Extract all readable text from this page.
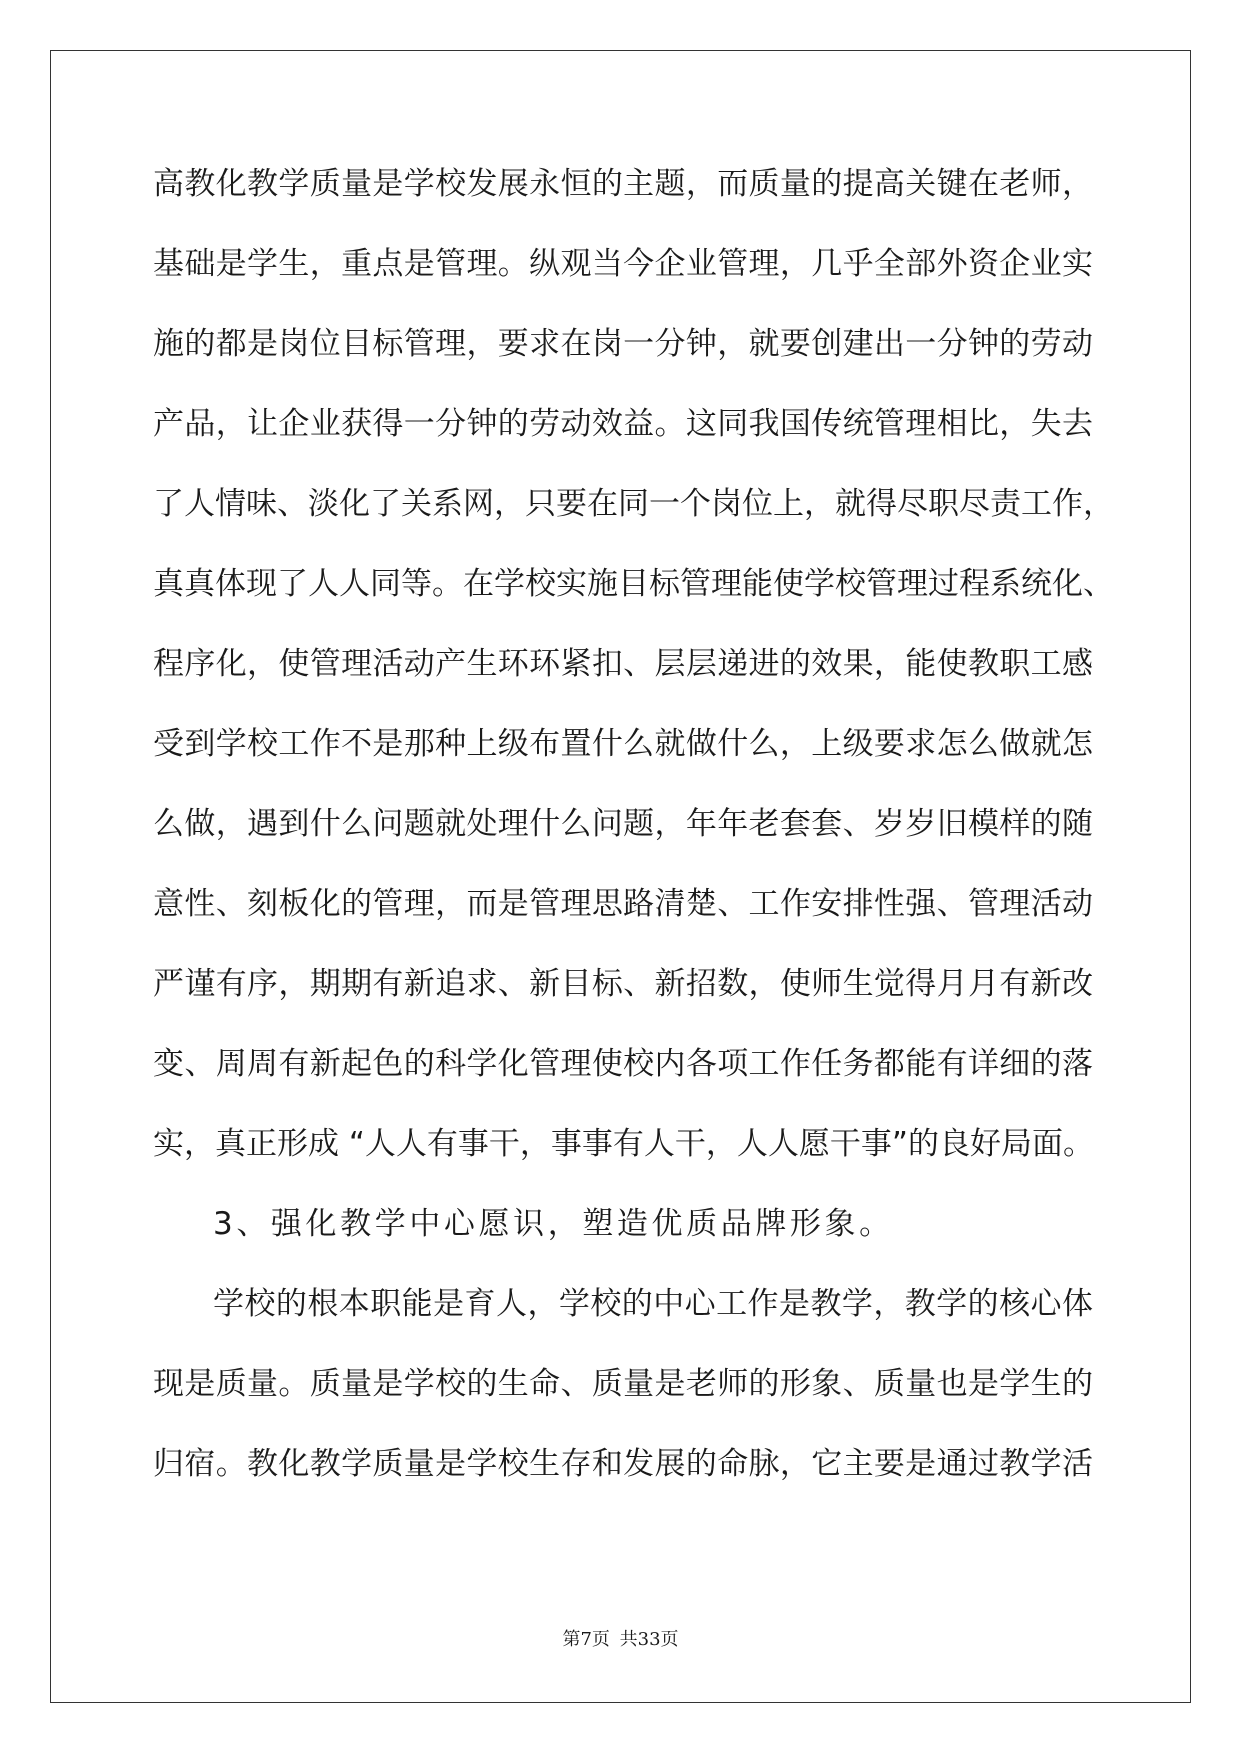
高教化教学质量是学校发展永恒的主题，而质量的提高关键在老师，
基础是学生，重点是管理。纵观当今企业管理，几乎全部外资企业实
施的都是岗位目标管理，要求在岗一分钟，就要创建出一分钟的劳动
产品，让企业获得一分钟的劳动效益。这同我国传统管理相比，失去
了人情味、淡化了关系网，只要在同一个岗位上，就得尽职尽责工作，
真真体现了人人同等。在学校实施目标管理能使学校管理过程系统化、
程序化，使管理活动产生环环紧扣、层层递进的效果，能使教职工感
受到学校工作不是那种上级布置什么就做什么，上级要求怎么做就怎
么做，遇到什么问题就处理什么问题，年年老套套、岁岁旧模样的随
意性、刻板化的管理，而是管理思路清楚、工作安排性强、管理活动
严谨有序，期期有新追求、新目标、新招数，使师生觉得月月有新改
变、周周有新起色的科学化管理使校内各项工作任务都能有详细的落
实，真正形成 “人人有事干，事事有人干，人人愿干事”的良好局面。
3、强化教学中心愿识，塑造优质品牌形象。
学校的根本职能是育人，学校的中心工作是教学，教学的核心体
现是质量。质量是学校的生命、质量是老师的形象、质量也是学生的
归宿。教化教学质量是学校生存和发展的命脉，它主要是通过教学活
第7页 共33页
